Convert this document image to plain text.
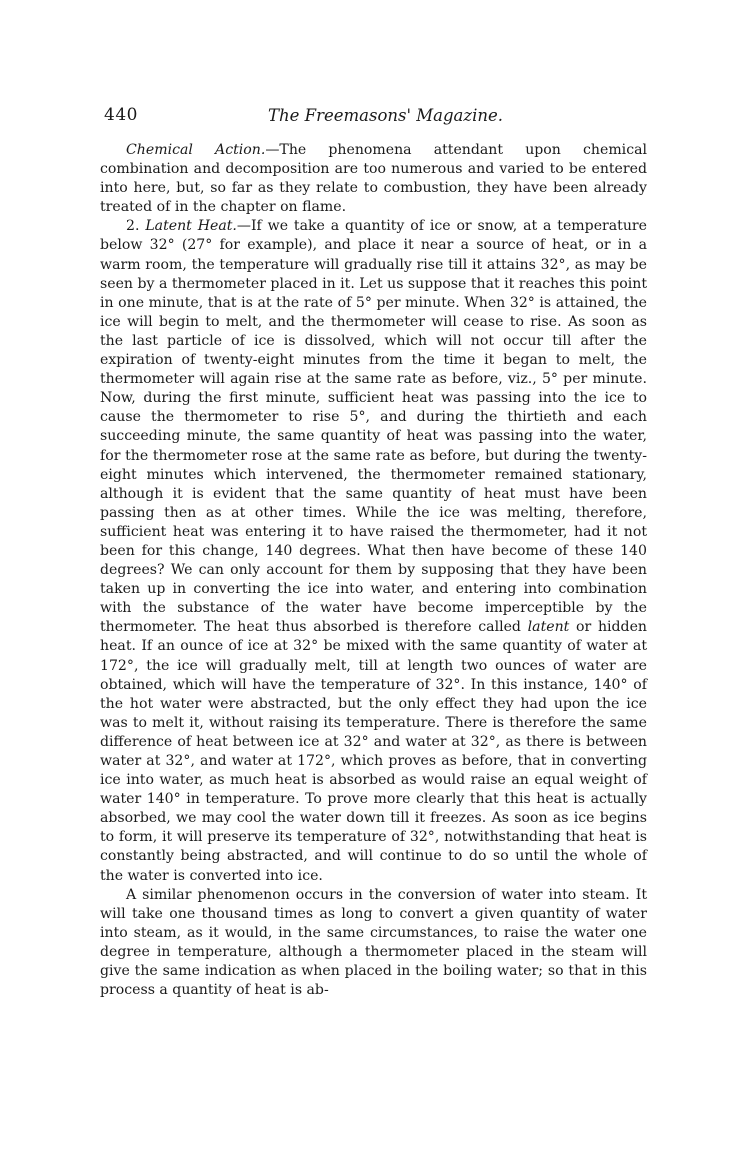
440	The Freemasons' Magazine.

Chemical Action.—The phenomena attendant upon chemical combination and decomposition are too numerous and varied to be entered into here, but, so far as they relate to combustion, they have been already treated of in the chapter on flame.

2. Latent Heat.—If we take a quantity of ice or snow, at a temperature below 32° (27° for example), and place it near a source of heat, or in a warm room, the temperature will gradually rise till it attains 32°, as may be seen by a thermometer placed in it. Let us suppose that it reaches this point in one minute, that is at the rate of 5° per minute. When 32° is attained, the ice will begin to melt, and the thermometer will cease to rise. As soon as the last particle of ice is dissolved, which will not occur till after the expiration of twenty-eight minutes from the time it began to melt, the thermometer will again rise at the same rate as before, viz., 5° per minute. Now, during the first minute, sufficient heat was passing into the ice to cause the thermometer to rise 5°, and during the thirtieth and each succeeding minute, the same quantity of heat was passing into the water, for the thermometer rose at the same rate as before, but during the twenty-eight minutes which intervened, the thermometer remained stationary, although it is evident that the same quantity of heat must have been passing then as at other times. While the ice was melting, therefore, sufficient heat was entering it to have raised the thermometer, had it not been for this change, 140 degrees. What then have become of these 140 degrees? We can only account for them by supposing that they have been taken up in converting the ice into water, and entering into combination with the substance of the water have become imperceptible by the thermometer. The heat thus absorbed is therefore called latent or hidden heat. If an ounce of ice at 32° be mixed with the same quantity of water at 172°, the ice will gradually melt, till at length two ounces of water are obtained, which will have the temperature of 32°. In this instance, 140° of the hot water were abstracted, but the only effect they had upon the ice was to melt it, without raising its temperature. There is therefore the same difference of heat between ice at 32° and water at 32°, as there is between water at 32°, and water at 172°, which proves as before, that in converting ice into water, as much heat is absorbed as would raise an equal weight of water 140° in temperature. To prove more clearly that this heat is actually absorbed, we may cool the water down till it freezes. As soon as ice begins to form, it will preserve its temperature of 32°, notwithstanding that heat is constantly being abstracted, and will continue to do so until the whole of the water is converted into ice.

A similar phenomenon occurs in the conversion of water into steam. It will take one thousand times as long to convert a given quantity of water into steam, as it would, in the same circumstances, to raise the water one degree in temperature, although a thermometer placed in the steam will give the same indication as when placed in the boiling water; so that in this process a quantity of heat is ab-
